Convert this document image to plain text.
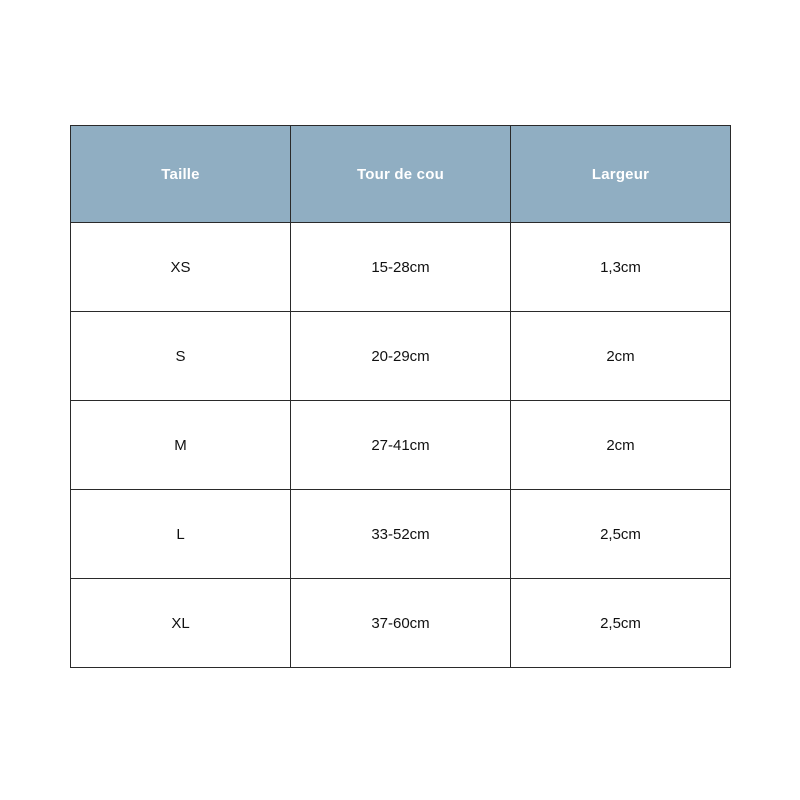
Taille	Tour de cou	Largeur
XS	15-28cm	1,3cm
S	20-29cm	2cm
M	27-41cm	2cm
L	33-52cm	2,5cm
XL	37-60cm	2,5cm
